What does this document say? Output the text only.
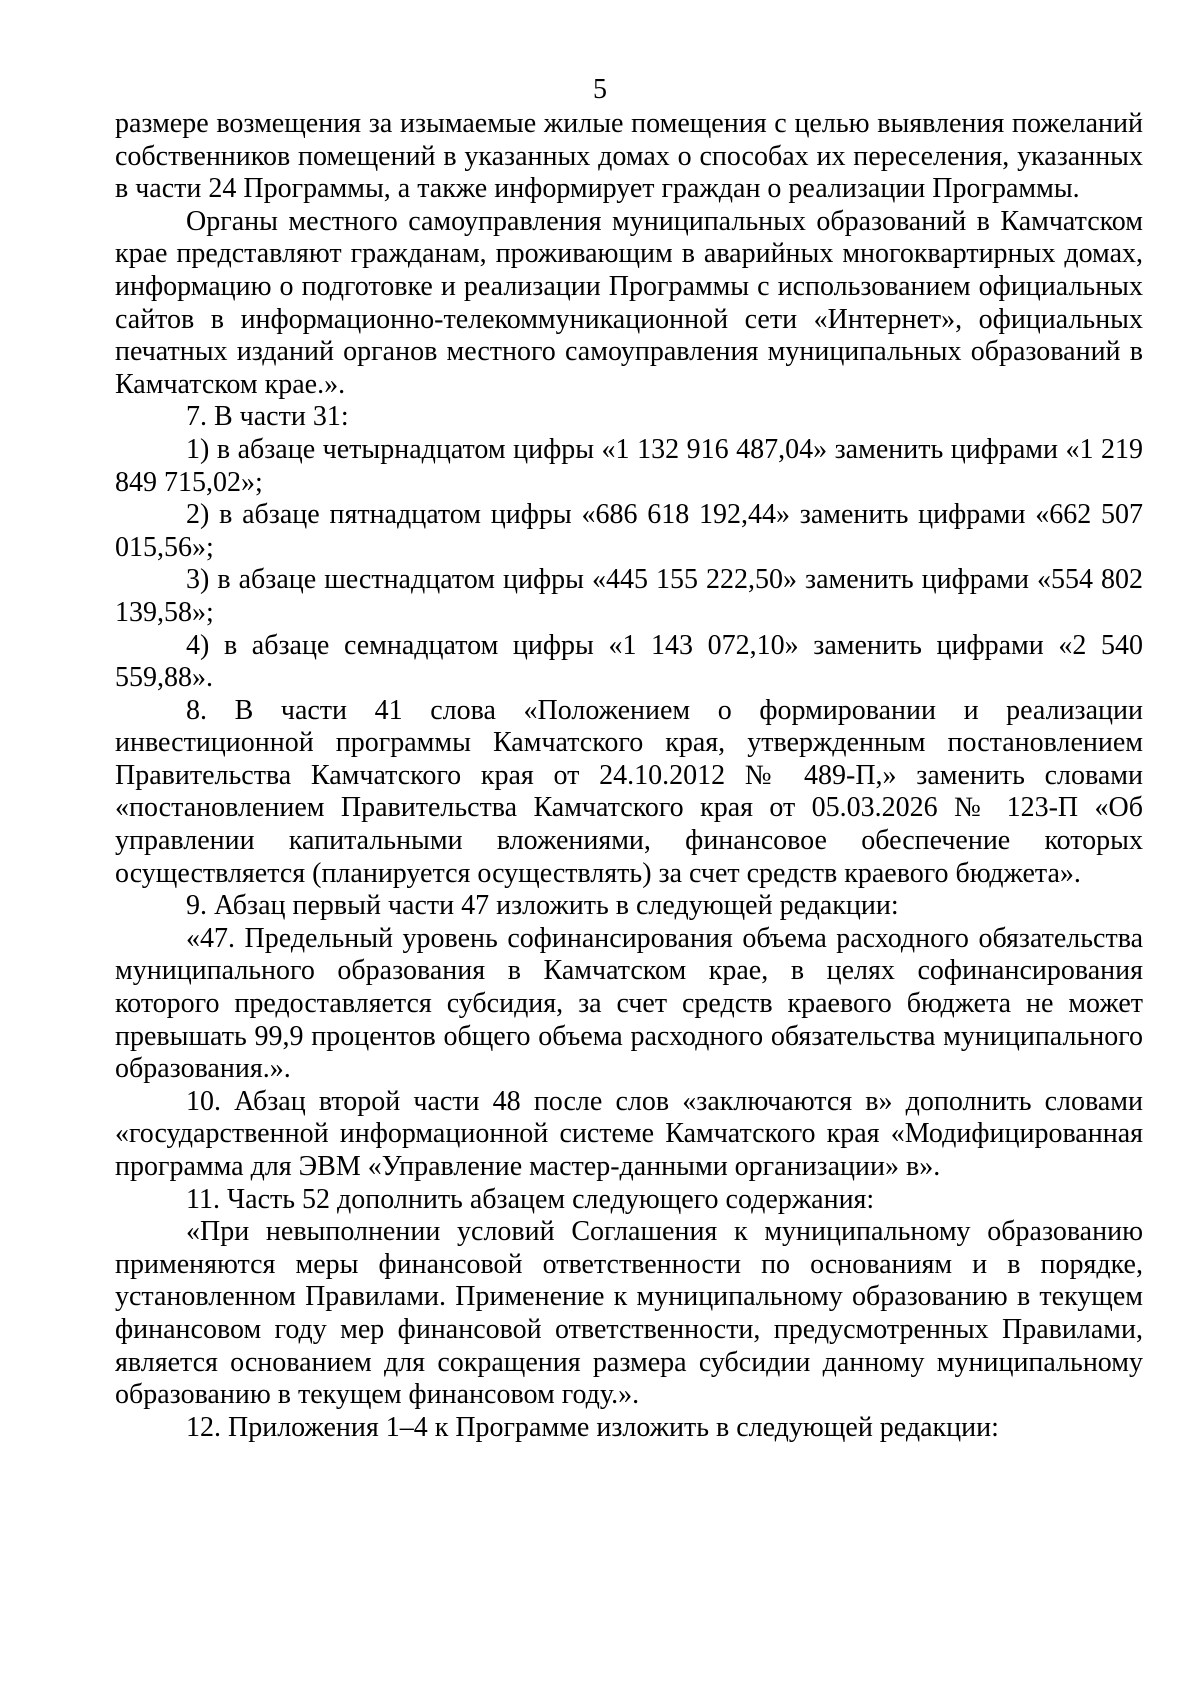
5

размере возмещения за изымаемые жилые помещения с целью выявления пожеланий собственников помещений в указанных домах о способах их переселения, указанных в части 24 Программы, а также информирует граждан о реализации Программы.

Органы местного самоуправления муниципальных образований в Камчатском крае представляют гражданам, проживающим в аварийных многоквартирных домах, информацию о подготовке и реализации Программы с использованием официальных сайтов в информационно-телекоммуникационной сети «Интернет», официальных печатных изданий органов местного самоуправления муниципальных образований в Камчатском крае.».

7. В части 31:

1) в абзаце четырнадцатом цифры «1 132 916 487,04» заменить цифрами «1 219 849 715,02»;

2) в абзаце пятнадцатом цифры «686 618 192,44» заменить цифрами «662 507 015,56»;

3) в абзаце шестнадцатом цифры «445 155 222,50» заменить цифрами «554 802 139,58»;

4) в абзаце семнадцатом цифры «1 143 072,10» заменить цифрами «2 540 559,88».

8. В части 41 слова «Положением о формировании и реализации инвестиционной программы Камчатского края, утвержденным постановлением Правительства Камчатского края от 24.10.2012 № 489-П,» заменить словами «постановлением Правительства Камчатского края от 05.03.2026 № 123-П «Об управлении капитальными вложениями, финансовое обеспечение которых осуществляется (планируется осуществлять) за счет средств краевого бюджета».

9. Абзац первый части 47 изложить в следующей редакции:

«47. Предельный уровень софинансирования объема расходного обязательства муниципального образования в Камчатском крае, в целях софинансирования которого предоставляется субсидия, за счет средств краевого бюджета не может превышать 99,9 процентов общего объема расходного обязательства муниципального образования.».

10. Абзац второй части 48 после слов «заключаются в» дополнить словами «государственной информационной системе Камчатского края «Модифицированная программа для ЭВМ «Управление мастер-данными организации» в».

11. Часть 52 дополнить абзацем следующего содержания:

«При невыполнении условий Соглашения к муниципальному образованию применяются меры финансовой ответственности по основаниям и в порядке, установленном Правилами. Применение к муниципальному образованию в текущем финансовом году мер финансовой ответственности, предусмотренных Правилами, является основанием для сокращения размера субсидии данному муниципальному образованию в текущем финансовом году.».

12. Приложения 1–4 к Программе изложить в следующей редакции:
